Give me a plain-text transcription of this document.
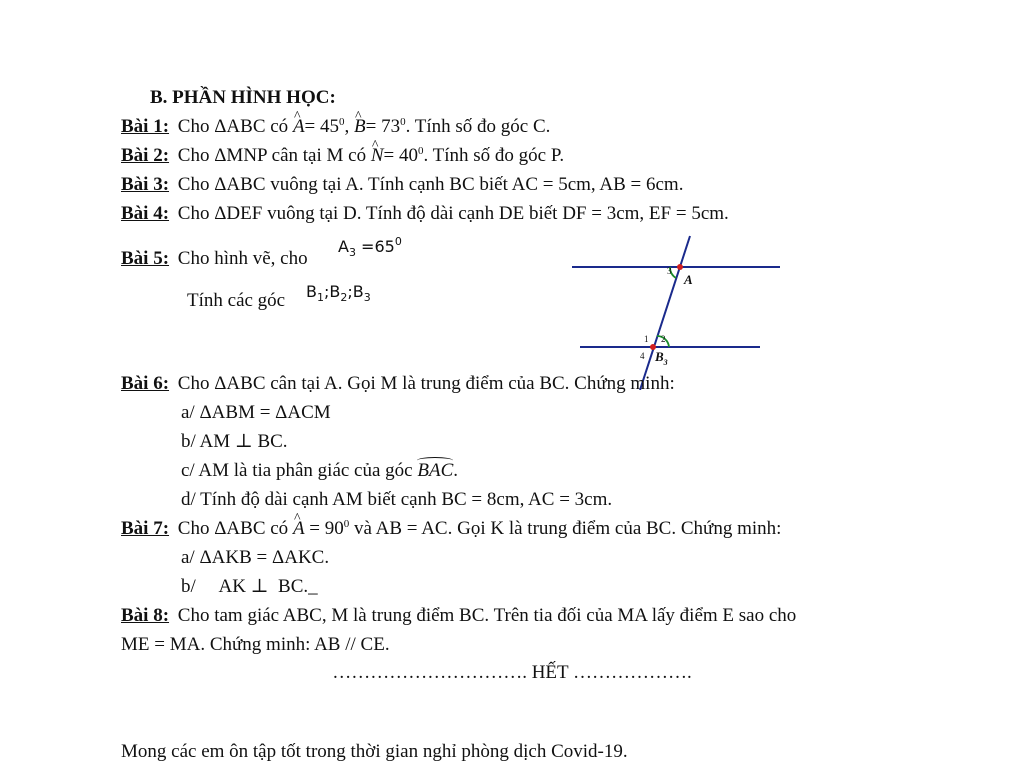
B. PHẦN HÌNH HỌC:
Bài 1: Cho ΔABC có ^ $A= 45^0$, ^ $B= 73^0$. Tính số đo góc C.
Bài 2: Cho ΔMNP cân tại M có ^ $N= 40^0$. Tính số đo góc P.
Bài 3: Cho ΔABC vuông tại A. Tính cạnh BC biết AC = 5cm, AB = 6cm.
Bài 4: Cho ΔDEF vuông tại D. Tính độ dài cạnh DE biết DF = 3cm, EF = 5cm.
Bài 5: Cho hình vẽ, cho
$A_3 =65^0$
Tính các góc $B_1;B_2;B_3$
A
3
1 2
4 $B_3$
Bài 6: Cho ΔABC cân tại A. Gọi M là trung điểm của BC. Chứng minh:
a/ ΔABM = ΔACM
b/ AM ⊥ BC.
c/ AM là tia phân giác của góc BAC.
d/ Tính độ dài cạnh AM biết cạnh BC = 8cm, AC = 3cm.
Bài 7: Cho ΔABC có ^ $A = 90^0$ và AB = AC. Gọi K là trung điểm của BC. Chứng minh:
a/ ΔAKB = ΔAKC.
b/     AK ⊥  BC._
Bài 8: Cho tam giác ABC, M là trung điểm BC. Trên tia đối của MA lấy điểm E sao cho
ME = MA. Chứng minh: AB // CE.
…………………………. HẾT ……………….
Mong các em ôn tập tốt trong thời gian nghỉ phòng dịch Covid-19.
